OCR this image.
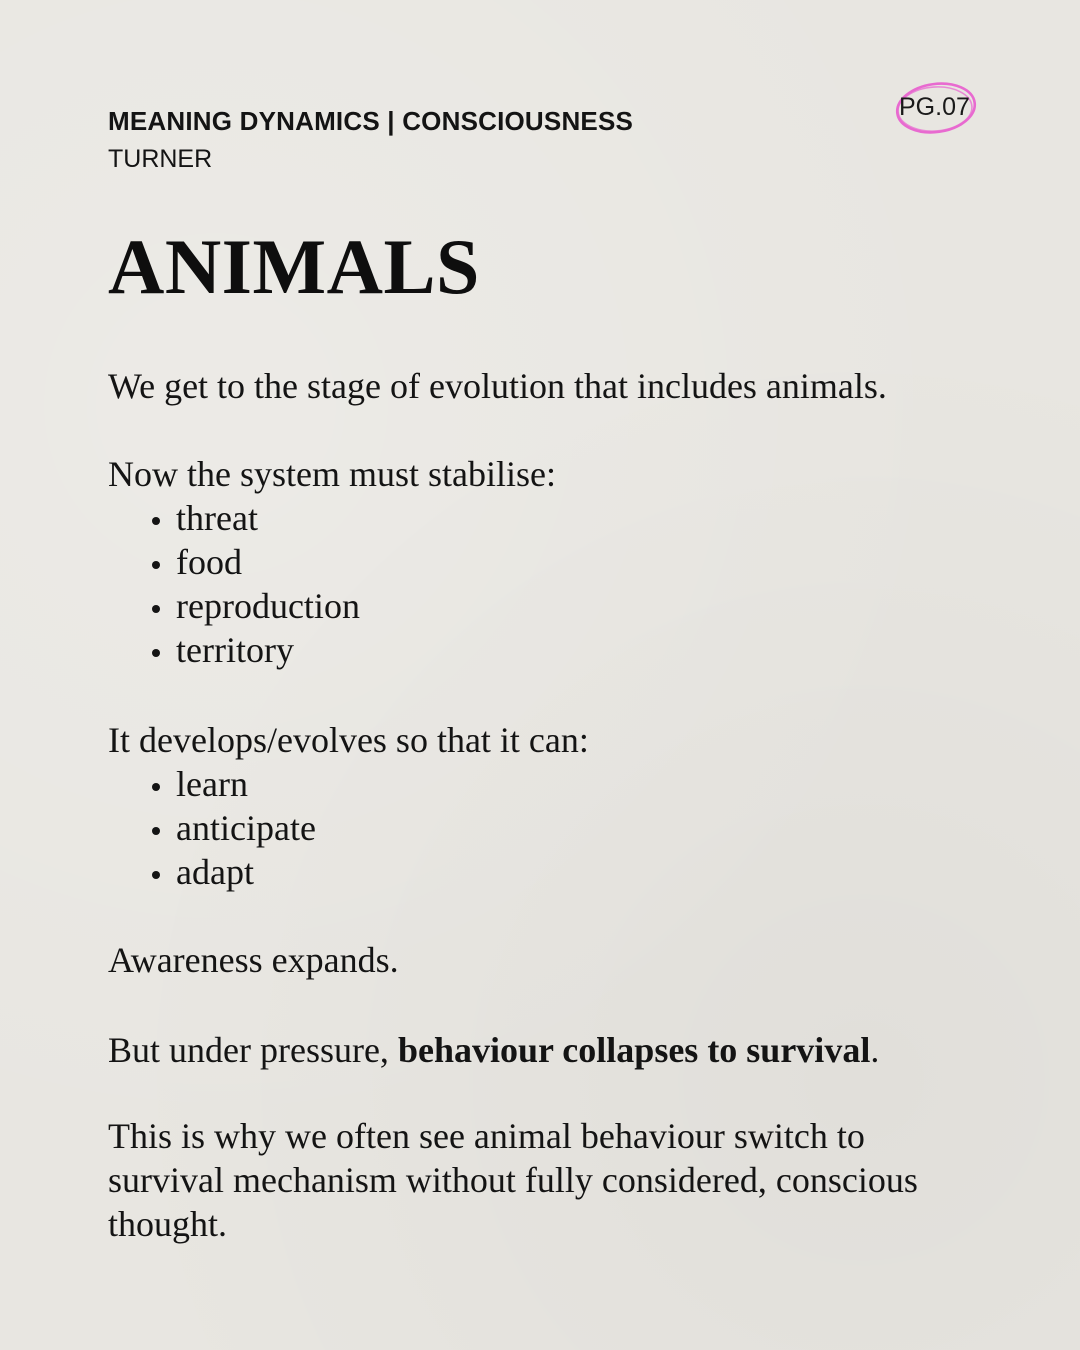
MEANING DYNAMICS | CONSCIOUSNESS
TURNER
PG.07
ANIMALS

We get to the stage of evolution that includes animals.

Now the system must stabilise:

threat
food
reproduction
territory

It develops/evolves so that it can:

learn
anticipate
adapt

Awareness expands.

But under pressure, behaviour collapses to survival.

This is why we often see animal behaviour switch to survival mechanism without fully considered, conscious thought.
